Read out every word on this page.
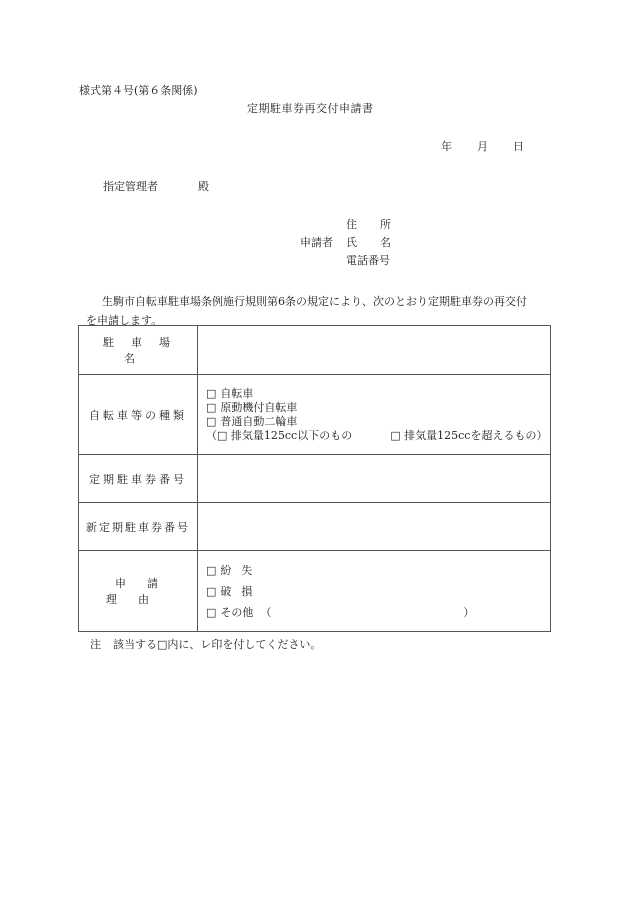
様式第４号(第６条関係)
定期駐車券再交付申請書
年 月 日
指定管理者	殿
住　所
申請者 氏　名
電話番号
生駒市自転車駐車場条例施行規則第6条の規定により、次のとおり定期駐車券の再交付
を申請します。
駐車場名	
自転車等の種類	□ 自転車
□ 原動機付自転車
□ 普通自動二輪車
（□ 排気量125cc以下のもの □ 排気量125ccを超えるもの）

定期駐車券番号	
新定期駐車券番号	
申請理由	□ 紛失
□ 破損
□ その他 （ ）
注 該当する□内に、レ印を付してください。
